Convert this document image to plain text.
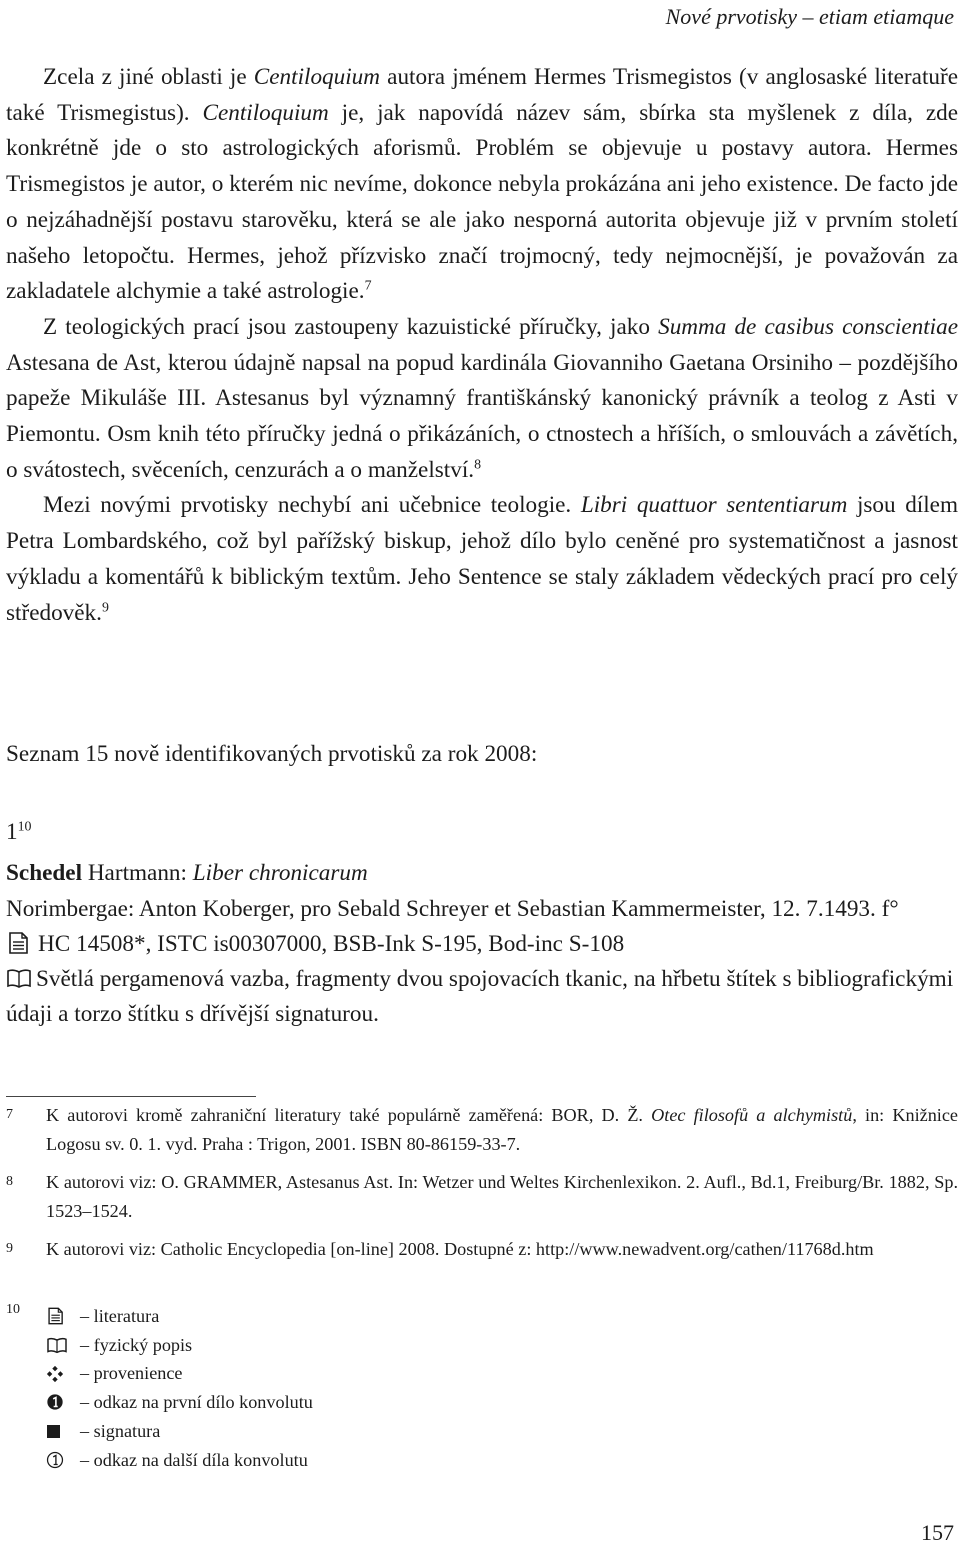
Nové prvotisky – etiam etiamque

Zcela z jiné oblasti je Centiloquium autora jménem Hermes Trismegistos (v anglosaské literatuře také Trismegistus). Centiloquium je, jak napovídá název sám, sbírka sta myšlenek z díla, zde konkrétně jde o sto astrologických aforismů. Problém se objevuje u postavy autora. Hermes Trismegistos je autor, o kterém nic nevíme, dokonce nebyla prokázána ani jeho existence. De facto jde o nejzáhadnější postavu starověku, která se ale jako nesporná autorita objevuje již v prvním století našeho letopočtu. Hermes, jehož přízvisko značí trojmocný, tedy nejmocnější, je považován za zakladatele alchymie a také astrologie.$^7$

Z teologických prací jsou zastoupeny kazuistické příručky, jako Summa de casibus conscientiae Astesana de Ast, kterou údajně napsal na popud kardinála Giovanniho Gaetana Orsiniho – pozdějšího papeže Mikuláše III. Astesanus byl významný františkánský kanonický právník a teolog z Asti v Piemontu. Osm knih této příručky jedná o přikázáních, o ctnostech a hříších, o smlouvách a závětích, o svátostech, svěceních, cenzurách a o manželství.$^8$

Mezi novými prvotisky nechybí ani učebnice teologie. Libri quattuor sententiarum jsou dílem Petra Lombardského, což byl pařížský biskup, jehož dílo bylo ceněné pro systematičnost a jasnost výkladu a komentářů k biblickým textům. Jeho Sentence se staly základem vědeckých prací pro celý středověk.$^9$

Seznam 15 nově identifikovaných prvotisků za rok 2008:
$1^{10}$
Schedel Hartmann: Liber chronicarum
Norimbergae: Anton Koberger, pro Sebald Schreyer et Sebastian Kammermeister, 12. 7.1493. f°
HC 14508*, ISTC is00307000, BSB-Ink S-195, Bod-inc S-108
Světlá pergamenová vazba, fragmenty dvou spojovacích tkanic, na hřbetu štítek s bibliografickými údaji a torzo štítku s dřívější signaturou.
7 K autorovi kromě zahraniční literatury také populárně zaměřená: BOR, D. Ž. Otec filosofů a alchymistů, in: Knižnice Logosu sv. 0. 1. vyd. Praha : Trigon, 2001. ISBN 80-86159-33-7.
8 K autorovi viz: O. GRAMMER, Astesanus Ast. In: Wetzer und Weltes Kirchenlexikon. 2. Aufl., Bd.1, Freiburg/Br. 1882, Sp. 1523–1524.
9 K autorovi viz: Catholic Encyclopedia [on-line] 2008. Dostupné z: http://www.newadvent.org/cathen/11768d.htm
10	– literatura
– fyzický popis
– provenience
– odkaz na první dílo konvolutu
– signatura
– odkaz na další díla konvolutu
157
